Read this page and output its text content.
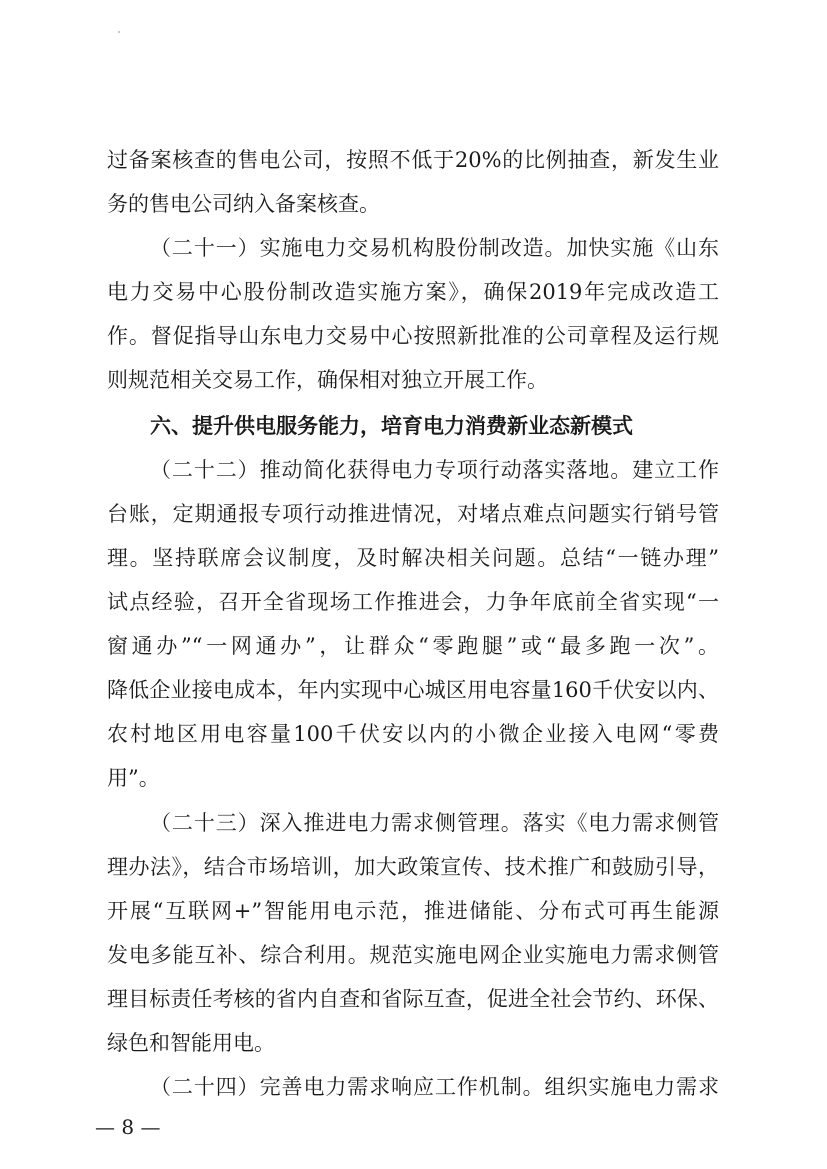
过备案核查的售电公司，按照不低于20%的比例抽查，新发生业
务的售电公司纳入备案核查。
（二十一）实施电力交易机构股份制改造。加快实施《山东
电力交易中心股份制改造实施方案》，确保2019年完成改造工
作。督促指导山东电力交易中心按照新批准的公司章程及运行规
则规范相关交易工作，确保相对独立开展工作。
六、提升供电服务能力，培育电力消费新业态新模式
（二十二）推动简化获得电力专项行动落实落地。建立工作
台账，定期通报专项行动推进情况，对堵点难点问题实行销号管
理。坚持联席会议制度，及时解决相关问题。总结“一链办理”
试点经验，召开全省现场工作推进会，力争年底前全省实现“一
窗通办”“一网通办”，让群众“零跑腿”或“最多跑一次”。
降低企业接电成本，年内实现中心城区用电容量160千伏安以内、
农村地区用电容量100千伏安以内的小微企业接入电网“零费
用”。
（二十三）深入推进电力需求侧管理。落实《电力需求侧管
理办法》，结合市场培训，加大政策宣传、技术推广和鼓励引导，
开展“互联网+”智能用电示范，推进储能、分布式可再生能源
发电多能互补、综合利用。规范实施电网企业实施电力需求侧管
理目标责任考核的省内自查和省际互查，促进全社会节约、环保、
绿色和智能用电。
（二十四）完善电力需求响应工作机制。组织实施电力需求
— 8 —
